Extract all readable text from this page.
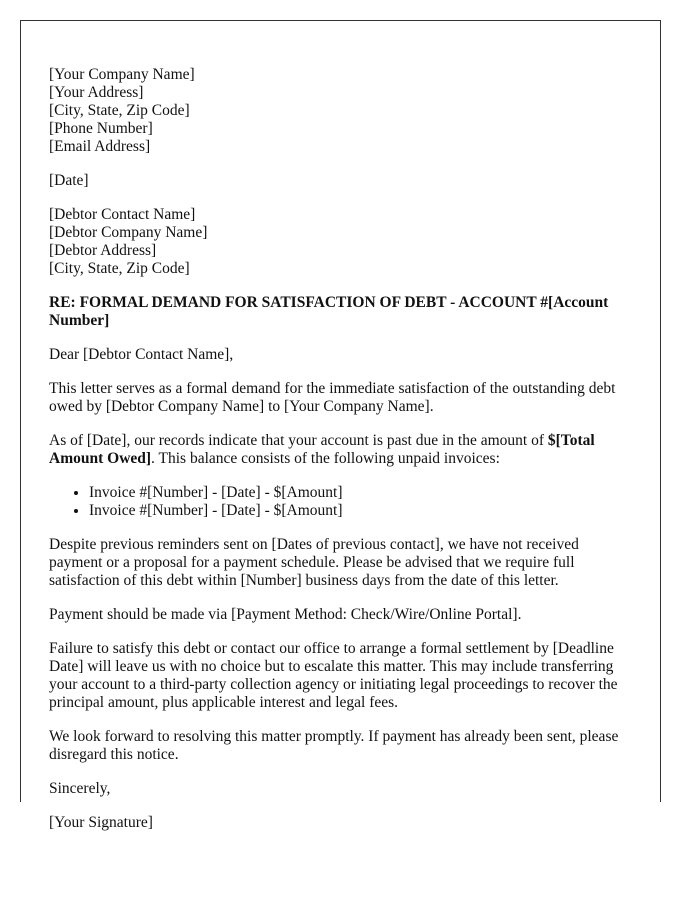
[Your Company Name]
[Your Address]
[City, State, Zip Code]
[Phone Number]
[Email Address]

[Date]

[Debtor Contact Name]
[Debtor Company Name]
[Debtor Address]
[City, State, Zip Code]

RE: FORMAL DEMAND FOR SATISFACTION OF DEBT - ACCOUNT #[Account Number]

Dear [Debtor Contact Name],

This letter serves as a formal demand for the immediate satisfaction of the outstanding debt owed by [Debtor Company Name] to [Your Company Name].

As of [Date], our records indicate that your account is past due in the amount of $[Total Amount Owed]. This balance consists of the following unpaid invoices:

• Invoice #[Number] - [Date] - $[Amount]
• Invoice #[Number] - [Date] - $[Amount]

Despite previous reminders sent on [Dates of previous contact], we have not received payment or a proposal for a payment schedule. Please be advised that we require full satisfaction of this debt within [Number] business days from the date of this letter.

Payment should be made via [Payment Method: Check/Wire/Online Portal].

Failure to satisfy this debt or contact our office to arrange a formal settlement by [Deadline Date] will leave us with no choice but to escalate this matter. This may include transferring your account to a third-party collection agency or initiating legal proceedings to recover the principal amount, plus applicable interest and legal fees.

We look forward to resolving this matter promptly. If payment has already been sent, please disregard this notice.

Sincerely,

[Your Signature]
